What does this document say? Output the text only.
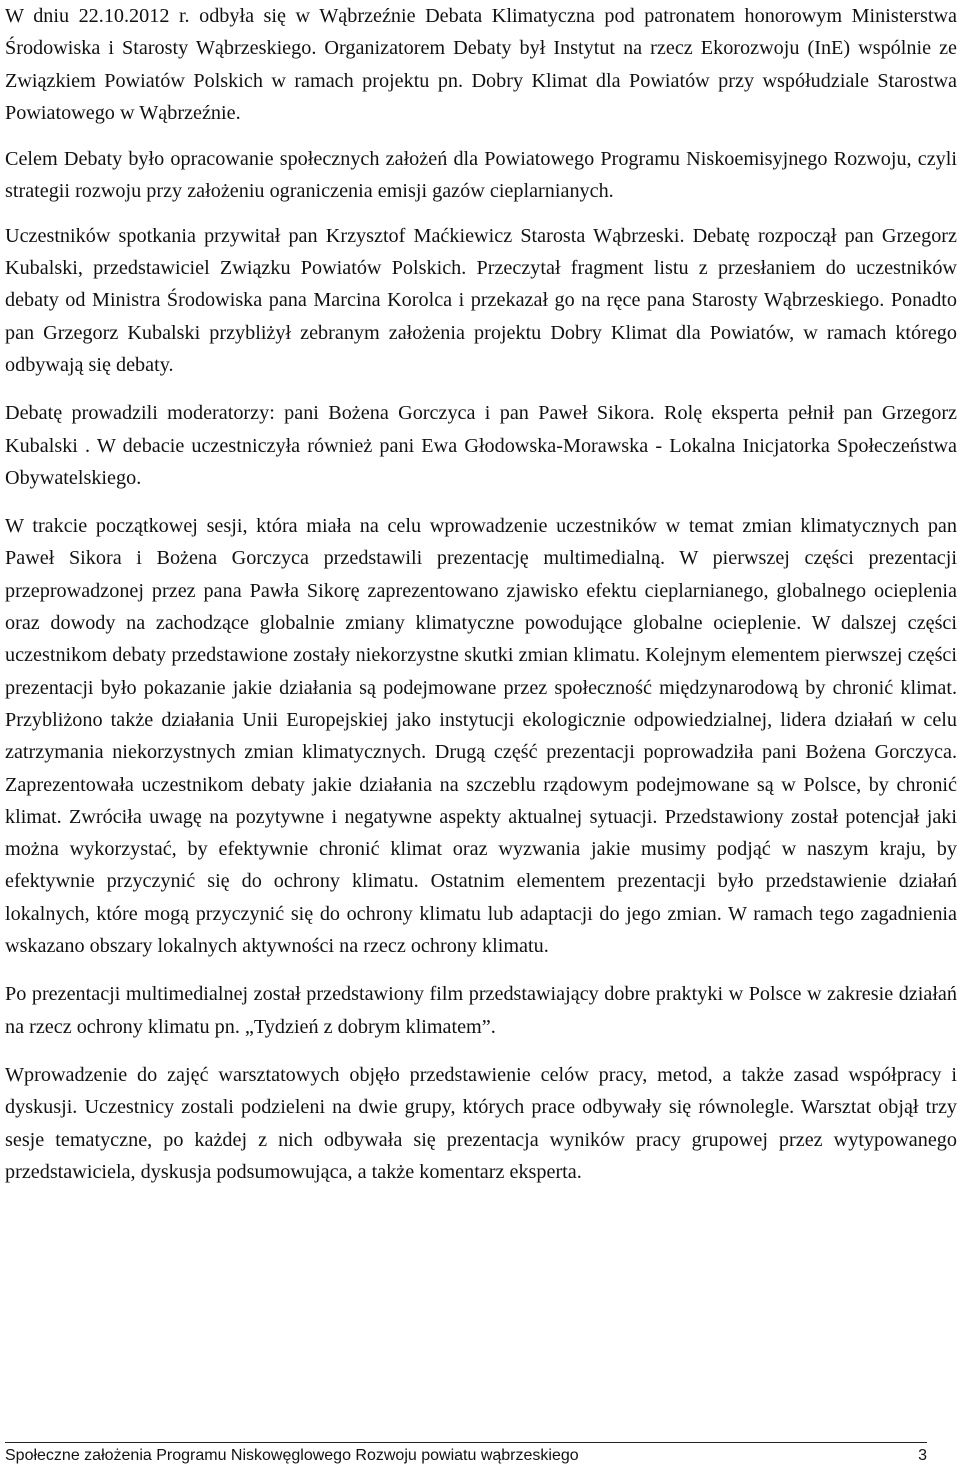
W dniu 22.10.2012 r. odbyła się w Wąbrzeźnie Debata Klimatyczna pod patronatem honorowym Ministerstwa Środowiska i Starosty Wąbrzeskiego. Organizatorem Debaty był Instytut na rzecz Ekorozwoju (InE) wspólnie ze Związkiem Powiatów Polskich w ramach projektu pn. Dobry Klimat dla Powiatów przy współudziale Starostwa Powiatowego w Wąbrzeźnie.

Celem Debaty było opracowanie społecznych założeń dla Powiatowego Programu Niskoemisyjnego Rozwoju, czyli strategii rozwoju przy założeniu ograniczenia emisji gazów cieplarnianych.

Uczestników spotkania przywitał pan Krzysztof Maćkiewicz Starosta Wąbrzeski. Debatę rozpoczął pan Grzegorz Kubalski, przedstawiciel Związku Powiatów Polskich. Przeczytał fragment listu z przesłaniem do uczestników debaty od Ministra Środowiska pana Marcina Korolca i przekazał go na ręce pana Starosty Wąbrzeskiego. Ponadto pan Grzegorz Kubalski przybliżył zebranym założenia projektu Dobry Klimat dla Powiatów, w ramach którego odbywają się debaty.

Debatę prowadzili moderatorzy: pani Bożena Gorczyca i pan Paweł Sikora. Rolę eksperta pełnił pan Grzegorz Kubalski . W debacie uczestniczyła również pani Ewa Głodowska-Morawska - Lokalna Inicjatorka Społeczeństwa Obywatelskiego.

W trakcie początkowej sesji, która miała na celu wprowadzenie uczestników w temat zmian klimatycznych pan Paweł Sikora i Bożena Gorczyca przedstawili prezentację multimedialną. W pierwszej części prezentacji przeprowadzonej przez pana Pawła Sikorę zaprezentowano zjawisko efektu cieplarnianego, globalnego ocieplenia oraz dowody na zachodzące globalnie zmiany klimatyczne powodujące globalne ocieplenie. W dalszej części uczestnikom debaty przedstawione zostały niekorzystne skutki zmian klimatu. Kolejnym elementem pierwszej części prezentacji było pokazanie jakie działania są podejmowane przez społeczność międzynarodową by chronić klimat. Przybliżono także działania Unii Europejskiej jako instytucji ekologicznie odpowiedzialnej, lidera działań w celu zatrzymania niekorzystnych zmian klimatycznych. Drugą część prezentacji poprowadziła pani Bożena Gorczyca. Zaprezentowała uczestnikom debaty jakie działania na szczeblu rządowym podejmowane są w Polsce, by chronić klimat. Zwróciła uwagę na pozytywne i negatywne aspekty aktualnej sytuacji. Przedstawiony został potencjał jaki można wykorzystać, by efektywnie chronić klimat oraz wyzwania jakie musimy podjąć w naszym kraju, by efektywnie przyczynić się do ochrony klimatu. Ostatnim elementem prezentacji było przedstawienie działań lokalnych, które mogą przyczynić się do ochrony klimatu lub adaptacji do jego zmian. W ramach tego zagadnienia wskazano obszary lokalnych aktywności na rzecz ochrony klimatu.

Po prezentacji multimedialnej został przedstawiony film przedstawiający dobre praktyki w Polsce w zakresie działań na rzecz ochrony klimatu pn. „Tydzień z dobrym klimatem”.

Wprowadzenie do zajęć warsztatowych objęło przedstawienie celów pracy, metod, a także zasad współpracy i dyskusji. Uczestnicy zostali podzieleni na dwie grupy, których prace odbywały się równolegle. Warsztat objął trzy sesje tematyczne, po każdej z nich odbywała się prezentacja wyników pracy grupowej przez wytypowanego przedstawiciela, dyskusja podsumowująca, a także komentarz eksperta.

Społeczne założenia Programu Niskowęglowego Rozwoju powiatu wąbrzeskiego	3
